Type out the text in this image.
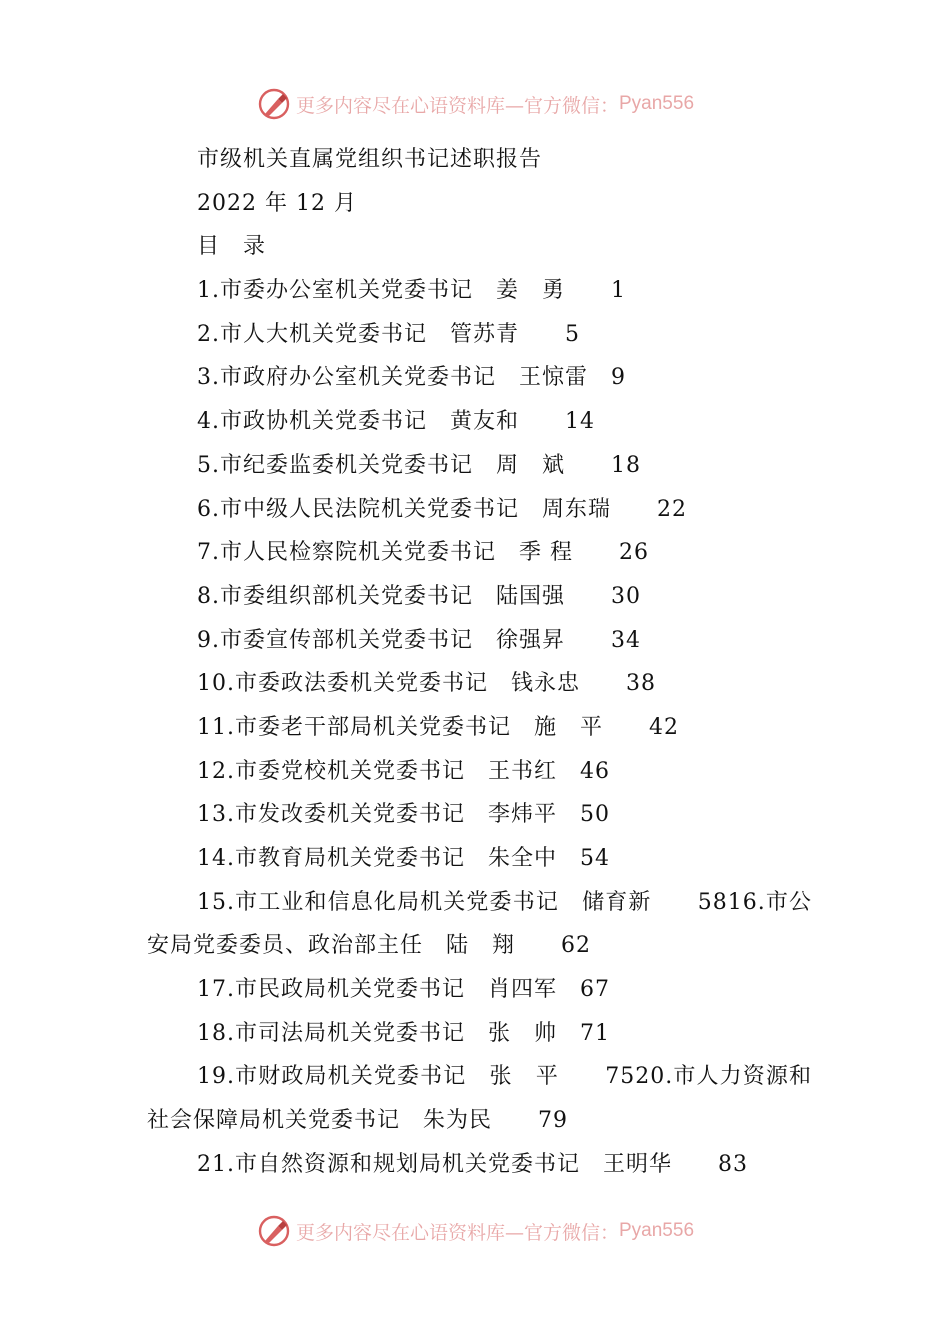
更多内容尽在心语资料库—官方微信： Pyan556
市级机关直属党组织书记述职报告
2022 年 12 月
目　录
1.市委办公室机关党委书记　姜　勇　　1
2.市人大机关党委书记　管苏青　　5
3.市政府办公室机关党委书记　王惊雷　9
4.市政协机关党委书记　黄友和　　14
5.市纪委监委机关党委书记　周　斌　　18
6.市中级人民法院机关党委书记　周东瑞　　22
7.市人民检察院机关党委书记　季 程　　26
8.市委组织部机关党委书记　陆国强　　30
9.市委宣传部机关党委书记　徐强昇　　34
10.市委政法委机关党委书记　钱永忠　　38
11.市委老干部局机关党委书记　施　平　　42
12.市委党校机关党委书记　王书红　46
13.市发改委机关党委书记　李炜平　50
14.市教育局机关党委书记　朱全中　54
15.市工业和信息化局机关党委书记　储育新　　5816.市公安局党委委员、政治部主任　陆　翔　　62
17.市民政局机关党委书记　肖四军　67
18.市司法局机关党委书记　张　帅　71
19.市财政局机关党委书记　张　平　　7520.市人力资源和社会保障局机关党委书记　朱为民　　79
21.市自然资源和规划局机关党委书记　王明华　　83
更多内容尽在心语资料库—官方微信： Pyan556
